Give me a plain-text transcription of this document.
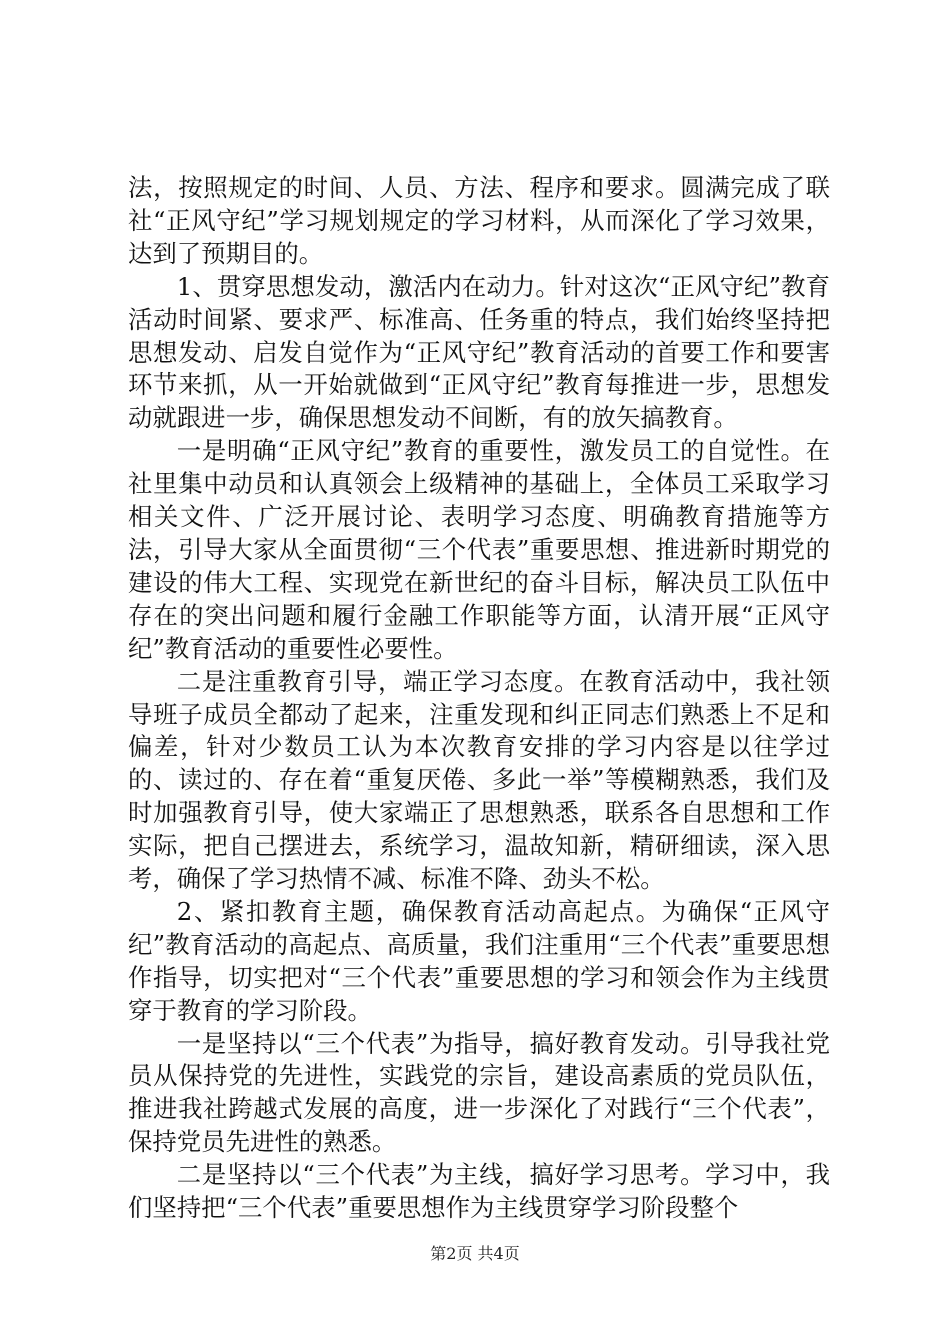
法，按照规定的时间、人员、方法、程序和要求。圆满完成了联社“正风守纪”学习规划规定的学习材料，从而深化了学习效果，达到了预期目的。

1、贯穿思想发动，激活内在动力。针对这次“正风守纪”教育活动时间紧、要求严、标准高、任务重的特点，我们始终坚持把思想发动、启发自觉作为“正风守纪”教育活动的首要工作和要害环节来抓，从一开始就做到“正风守纪”教育每推进一步，思想发动就跟进一步，确保思想发动不间断，有的放矢搞教育。

一是明确“正风守纪”教育的重要性，激发员工的自觉性。在社里集中动员和认真领会上级精神的基础上，全体员工采取学习相关文件、广泛开展讨论、表明学习态度、明确教育措施等方法，引导大家从全面贯彻“三个代表”重要思想、推进新时期党的建设的伟大工程、实现党在新世纪的奋斗目标，解决员工队伍中存在的突出问题和履行金融工作职能等方面，认清开展“正风守纪”教育活动的重要性必要性。

二是注重教育引导，端正学习态度。在教育活动中，我社领导班子成员全都动了起来，注重发现和纠正同志们熟悉上不足和偏差，针对少数员工认为本次教育安排的学习内容是以往学过的、读过的、存在着“重复厌倦、多此一举”等模糊熟悉，我们及时加强教育引导，使大家端正了思想熟悉，联系各自思想和工作实际，把自己摆进去，系统学习，温故知新，精研细读，深入思考，确保了学习热情不减、标准不降、劲头不松。

2、紧扣教育主题，确保教育活动高起点。为确保“正风守纪”教育活动的高起点、高质量，我们注重用“三个代表”重要思想作指导，切实把对“三个代表”重要思想的学习和领会作为主线贯穿于教育的学习阶段。

一是坚持以“三个代表”为指导，搞好教育发动。引导我社党员从保持党的先进性，实践党的宗旨，建设高素质的党员队伍，推进我社跨越式发展的高度，进一步深化了对践行“三个代表”，保持党员先进性的熟悉。

二是坚持以“三个代表”为主线，搞好学习思考。学习中，我们坚持把“三个代表”重要思想作为主线贯穿学习阶段整个

第2页 共4页
